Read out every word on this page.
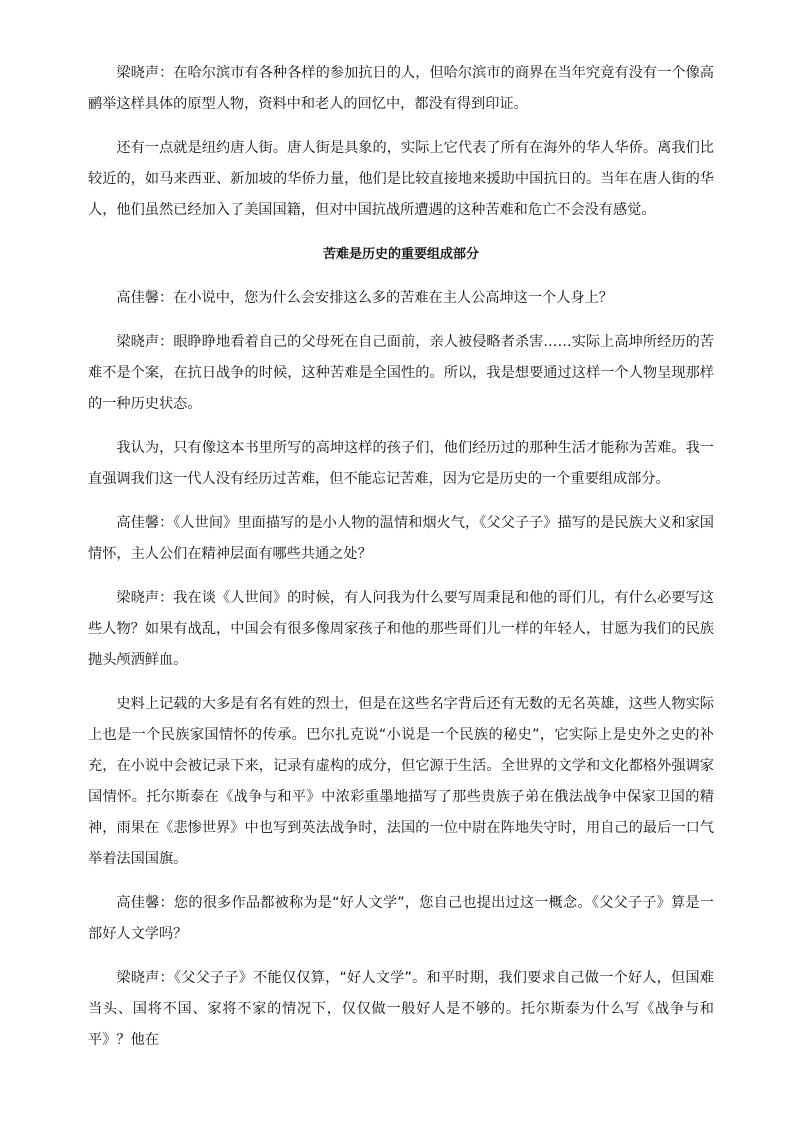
梁晓声：在哈尔滨市有各种各样的参加抗日的人，但哈尔滨市的商界在当年究竟有没有一个像高鹂举这样具体的原型人物，资料中和老人的回忆中，都没有得到印证。

还有一点就是纽约唐人街。唐人街是具象的，实际上它代表了所有在海外的华人华侨。离我们比较近的，如马来西亚、新加坡的华侨力量，他们是比较直接地来援助中国抗日的。当年在唐人街的华人，他们虽然已经加入了美国国籍，但对中国抗战所遭遇的这种苦难和危亡不会没有感觉。

苦难是历史的重要组成部分

高佳馨：在小说中，您为什么会安排这么多的苦难在主人公高坤这一个人身上？

梁晓声：眼睁睁地看着自己的父母死在自己面前，亲人被侵略者杀害……实际上高坤所经历的苦难不是个案，在抗日战争的时候，这种苦难是全国性的。所以，我是想要通过这样一个人物呈现那样的一种历史状态。

我认为，只有像这本书里所写的高坤这样的孩子们，他们经历过的那种生活才能称为苦难。我一直强调我们这一代人没有经历过苦难，但不能忘记苦难，因为它是历史的一个重要组成部分。

高佳馨：《人世间》里面描写的是小人物的温情和烟火气，《父父子子》描写的是民族大义和家国情怀，主人公们在精神层面有哪些共通之处？

梁晓声：我在谈《人世间》的时候，有人问我为什么要写周秉昆和他的哥们儿，有什么必要写这些人物？如果有战乱，中国会有很多像周家孩子和他的那些哥们儿一样的年轻人，甘愿为我们的民族抛头颅洒鲜血。

史料上记载的大多是有名有姓的烈士，但是在这些名字背后还有无数的无名英雄，这些人物实际上也是一个民族家国情怀的传承。巴尔扎克说“小说是一个民族的秘史”，它实际上是史外之史的补充，在小说中会被记录下来，记录有虚构的成分，但它源于生活。全世界的文学和文化都格外强调家国情怀。托尔斯泰在《战争与和平》中浓彩重墨地描写了那些贵族子弟在俄法战争中保家卫国的精神，雨果在《悲惨世界》中也写到英法战争时，法国的一位中尉在阵地失守时，用自己的最后一口气举着法国国旗。

高佳馨：您的很多作品都被称为是“好人文学”，您自己也提出过这一概念。《父父子子》算是一部好人文学吗？

梁晓声：《父父子子》不能仅仅算，“好人文学”。和平时期，我们要求自己做一个好人，但国难当头、国将不国、家将不家的情况下，仅仅做一般好人是不够的。托尔斯泰为什么写《战争与和平》？他在
